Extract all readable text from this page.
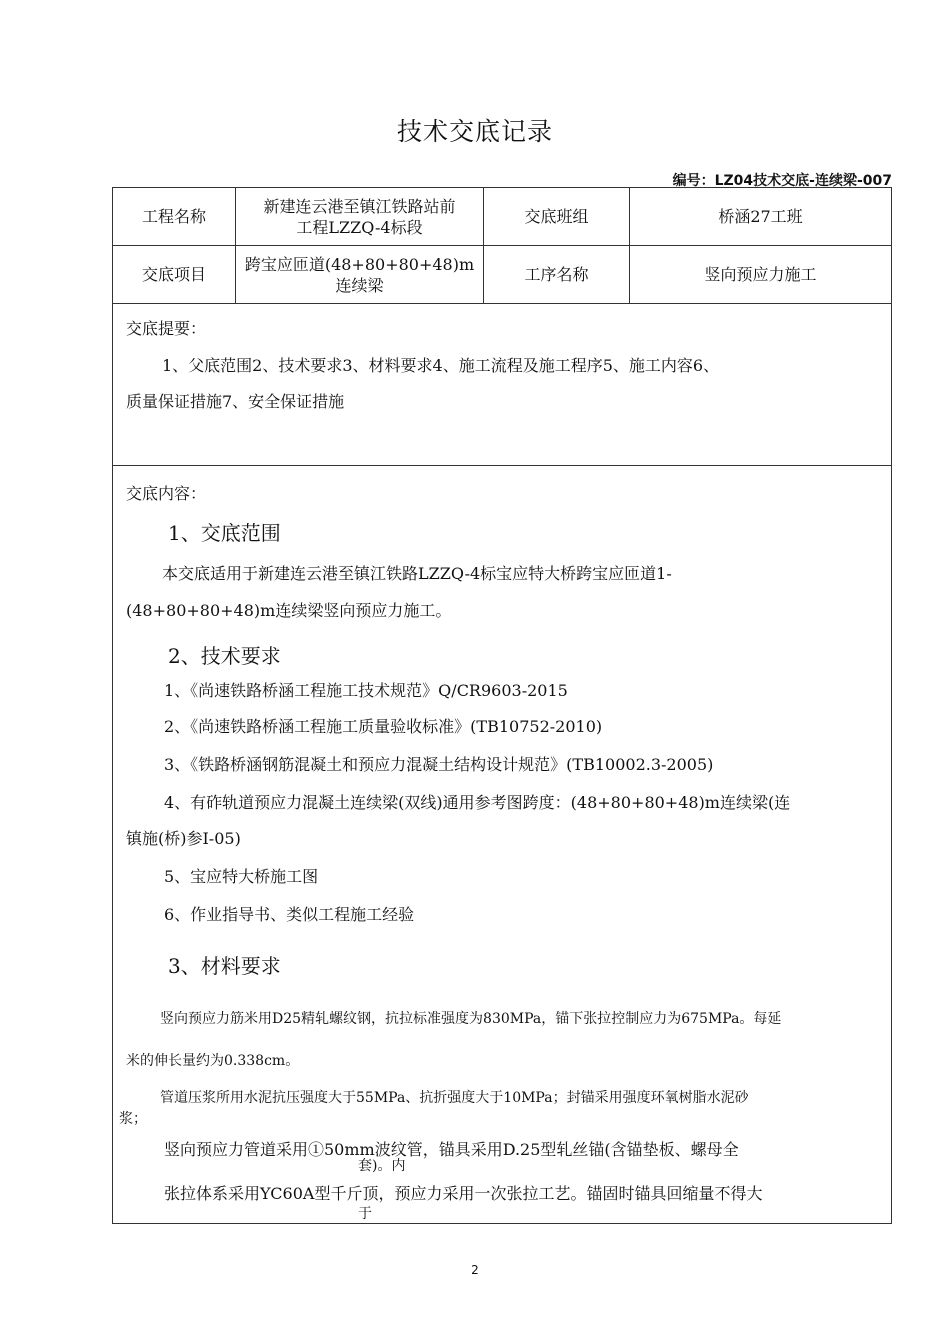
技术交底记录
编号：LZ04技术交底-连续梁-007
工程名称
新建连云港至镇江铁路站前
工程LZZQ-4标段
交底班组	桥涵27工班
交底项目
跨宝应匝道(48+80+80+48)m
连续梁
工序名称	竖向预应力施工
交底提要：
1、父底范围2、技术要求3、材料要求4、施工流程及施工程序5、施工内容6、
质量保证措施7、安全保证措施
交底内容：
1、交底范围
本交底适用于新建连云港至镇江铁路LZZQ-4标宝应特大桥跨宝应匝道1-
(48+80+80+48)m连续梁竖向预应力施工。
2、技术要求
1、《尚速铁路桥涵工程施工技术规范》Q/CR9603-2015
2、《尚速铁路桥涵工程施工质量验收标准》(TB10752-2010)
3、《铁路桥涵钢筋混凝土和预应力混凝土结构设计规范》(TB10002.3-2005)
4、有砟轨道预应力混凝土连续梁(双线)通用参考图跨度：(48+80+80+48)m连续梁(连
镇施(桥)参I-05)
5、宝应特大桥施工图
6、作业指导书、类似工程施工经验
3、材料要求
竖向预应力筋米用D25精轧螺纹钢，抗拉标准强度为830MPa，锚下张拉控制应力为675MPa。每延
米的伸长量约为0.338cm。
管道压浆所用水泥抗压强度大于55MPa、抗折强度大于10MPa；封锚采用强度环氧树脂水泥砂
浆；
竖向预应力管道采用①50mm波纹管，锚具采用D.25型轧丝锚(含锚垫板、螺母全
套)。内
张拉体系采用YC60A型千斤顶，预应力采用一次张拉工艺。锚固时锚具回缩量不得大
于
2
